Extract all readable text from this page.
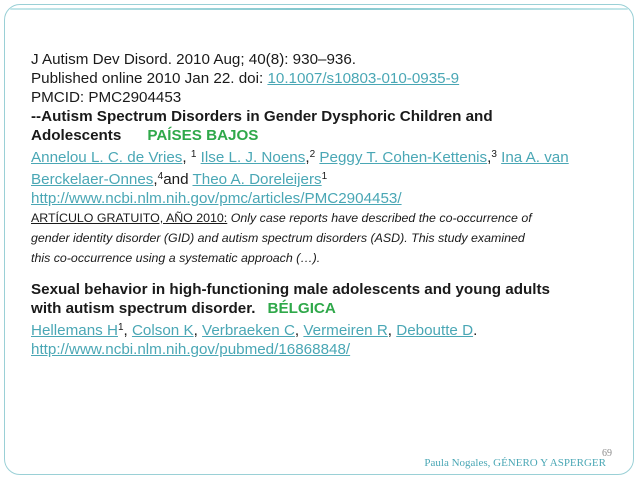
J Autism Dev Disord. 2010 Aug; 40(8): 930–936.
Published online 2010 Jan 22. doi: 10.1007/s10803-010-0935-9
PMCID: PMC2904453
--Autism Spectrum Disorders in Gender Dysphoric Children and
Adolescents PAÍSES BAJOS
Annelou L. C. de Vries, $^1$ Ilse L. J. Noens,$^2$ Peggy T. Cohen-Kettenis,$^3$ Ina A. van
Berckelaer-Onnes,$^4$and Theo A. Doreleijers$^1$
http://www.ncbi.nlm.nih.gov/pmc/articles/PMC2904453/
ARTÍCULO GRATUITO, AÑO 2010: Only case reports have described the co-occurrence of
gender identity disorder (GID) and autism spectrum disorders (ASD). This study examined
this co-occurrence using a systematic approach (…).
Sexual behavior in high-functioning male adolescents and young adults
with autism spectrum disorder. BÉLGICA
Hellemans $H^1$, Colson K, Verbraeken C, Vermeiren R, Deboutte D.
http://www.ncbi.nlm.nih.gov/pubmed/16868848/
69
Paula Nogales, GÉNERO Y ASPERGER
